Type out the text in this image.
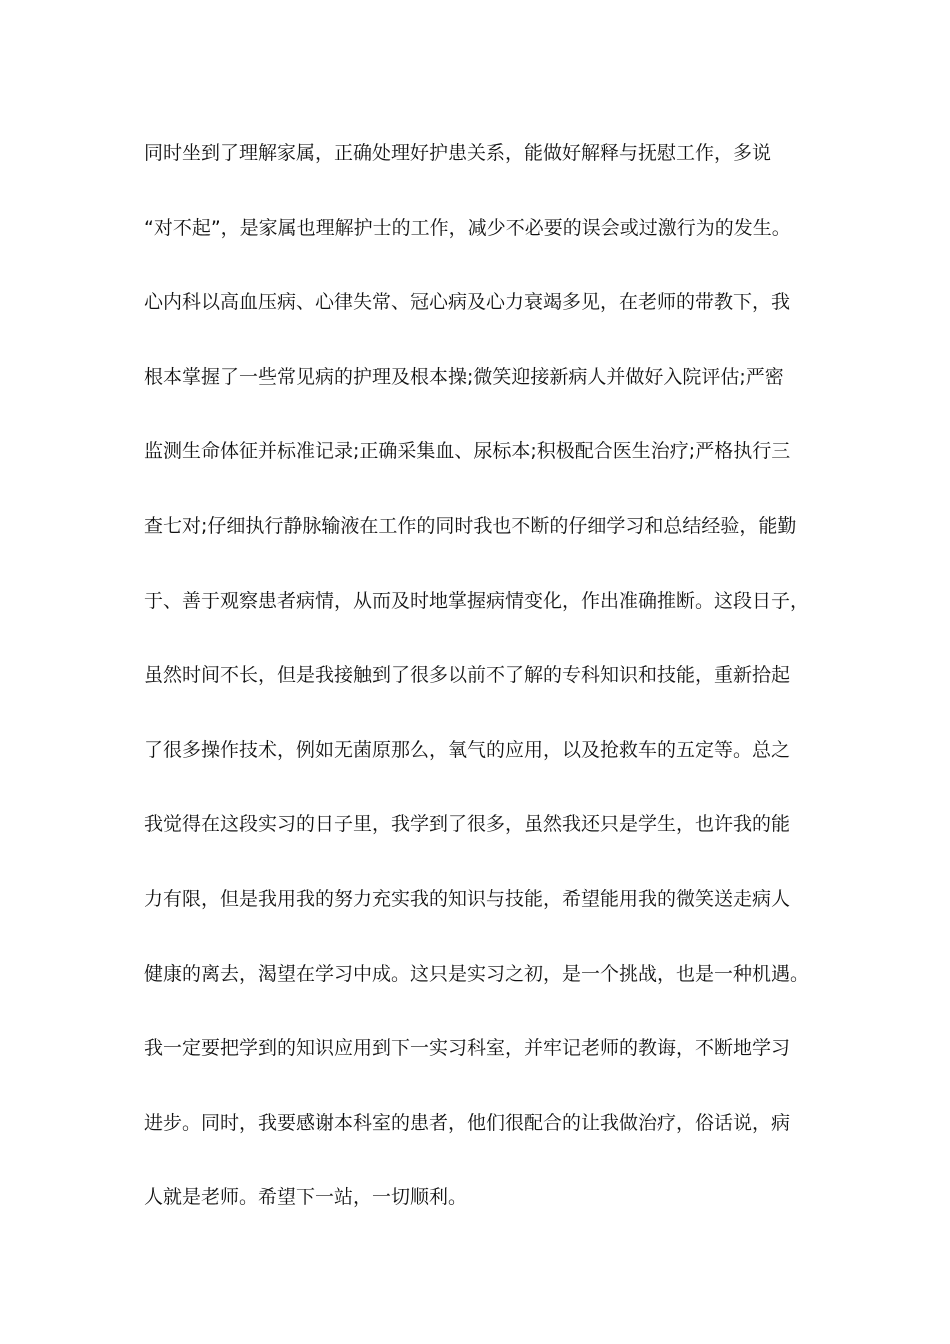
同时坐到了理解家属，正确处理好护患关系，能做好解释与抚慰工作，多说
“对不起”，是家属也理解护士的工作，减少不必要的误会或过激行为的发生。
心内科以高血压病、心律失常、冠心病及心力衰竭多见，在老师的带教下，我
根本掌握了一些常见病的护理及根本操;微笑迎接新病人并做好入院评估;严密
监测生命体征并标准记录;正确采集血、尿标本;积极配合医生治疗;严格执行三
查七对;仔细执行静脉输液在工作的同时我也不断的仔细学习和总结经验，能勤
于、善于观察患者病情，从而及时地掌握病情变化，作出准确推断。这段日子，
虽然时间不长，但是我接触到了很多以前不了解的专科知识和技能，重新拾起
了很多操作技术，例如无菌原那么，氧气的应用，以及抢救车的五定等。总之
我觉得在这段实习的日子里，我学到了很多，虽然我还只是学生，也许我的能
力有限，但是我用我的努力充实我的知识与技能，希望能用我的微笑送走病人
健康的离去，渴望在学习中成。这只是实习之初，是一个挑战，也是一种机遇。
我一定要把学到的知识应用到下一实习科室，并牢记老师的教诲，不断地学习
进步。同时，我要感谢本科室的患者，他们很配合的让我做治疗，俗话说，病
人就是老师。希望下一站，一切顺利。
